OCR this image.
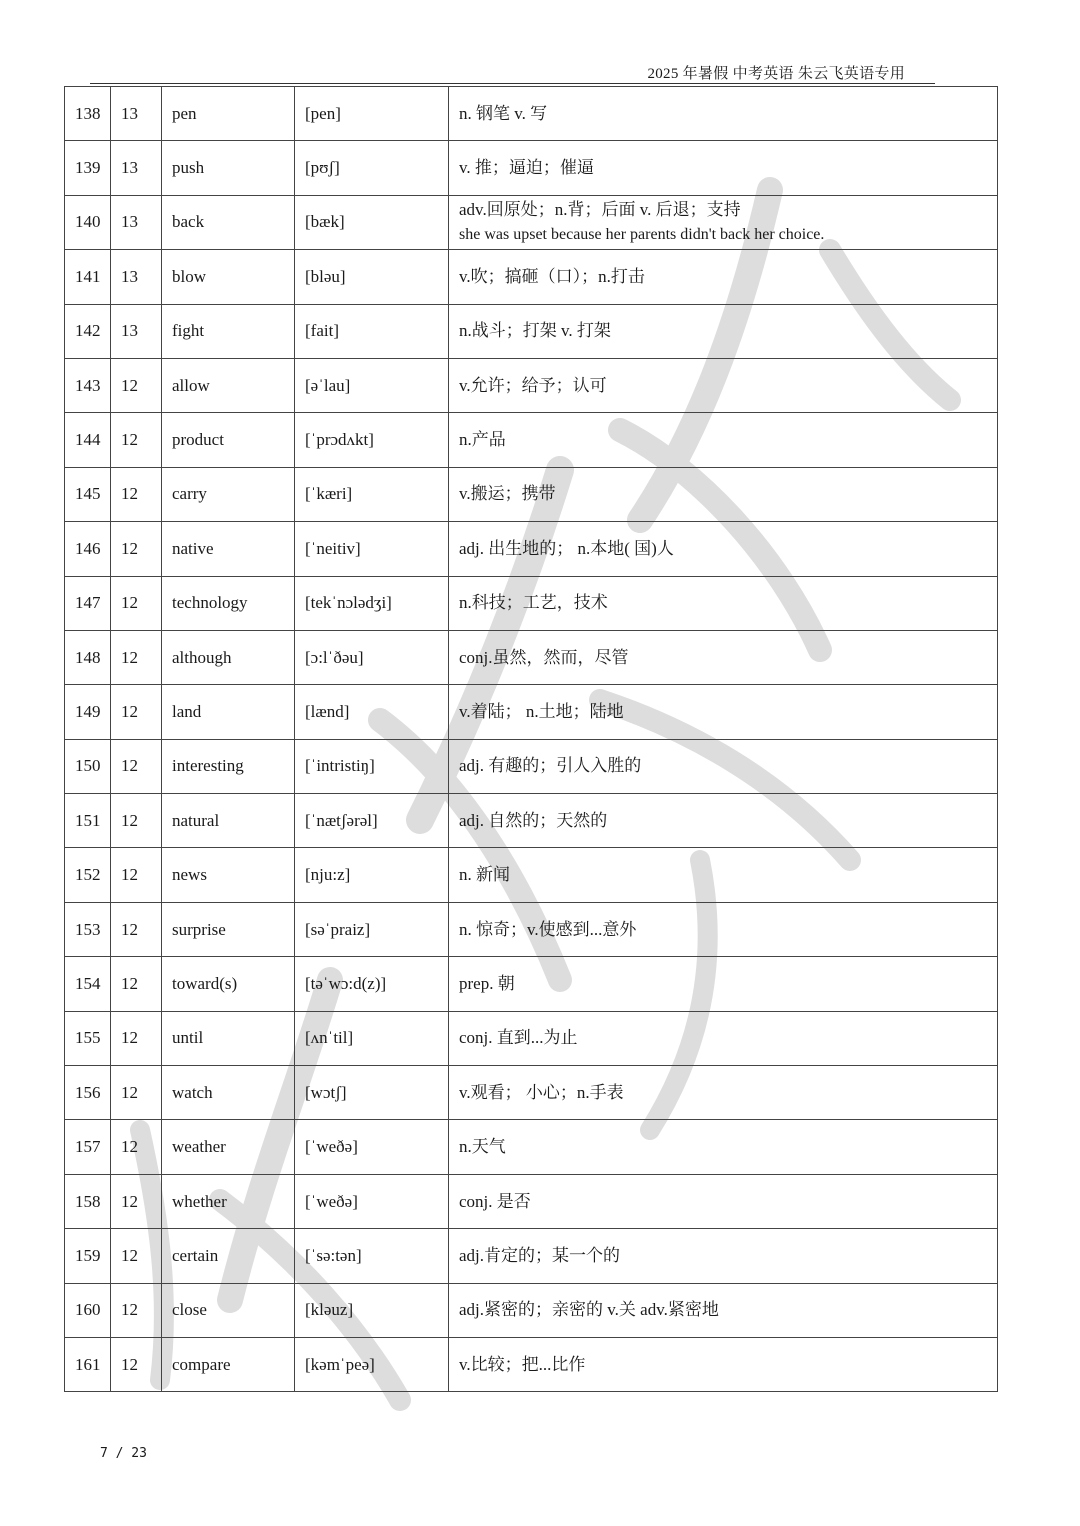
2025 年暑假 中考英语 朱云飞英语专用
138	13	pen	[pen]	n. 钢笔 v. 写
139	13	push	[pʊʃ]	v. 推；逼迫；催逼
140	13	back	[bæk]	adv.回原处；n.背；后面 v. 后退；支持
she was upset because her parents didn't back her choice.

141	13	blow	[bləu]	v.吹；搞砸（口）；n.打击
142	13	fight	[fait]	n.战斗；打架 v. 打架
143	12	allow	[əˈlau]	v.允许；给予；认可
144	12	product	[ˈprɔdʌkt]	n.产品
145	12	carry	[ˈkæri]	v.搬运；携带
146	12	native	[ˈneitiv]	adj. 出生地的； n.本地( 国)人
147	12	technology	[tekˈnɔlədʒi]	n.科技；工艺，技术
148	12	although	[ɔ:lˈðəu]	conj.虽然，然而，尽管
149	12	land	[lænd]	v.着陆； n.土地；陆地
150	12	interesting	[ˈintristiŋ]	adj. 有趣的；引人入胜的
151	12	natural	[ˈnætʃərəl]	adj. 自然的；天然的
152	12	news	[nju:z]	n. 新闻
153	12	surprise	[səˈpraiz]	n. 惊奇；v.使感到...意外
154	12	toward(s)	[təˈwɔ:d(z)]	prep. 朝
155	12	until	[ʌnˈtil]	conj. 直到...为止
156	12	watch	[wɔtʃ]	v.观看； 小心；n.手表
157	12	weather	[ˈweðə]	n.天气
158	12	whether	[ˈweðə]	conj. 是否
159	12	certain	[ˈsə:tən]	adj.肯定的；某一个的
160	12	close	[kləuz]	adj.紧密的；亲密的 v.关 adv.紧密地
161	12	compare	[kəmˈpeə]	v.比较；把...比作
7 / 23
